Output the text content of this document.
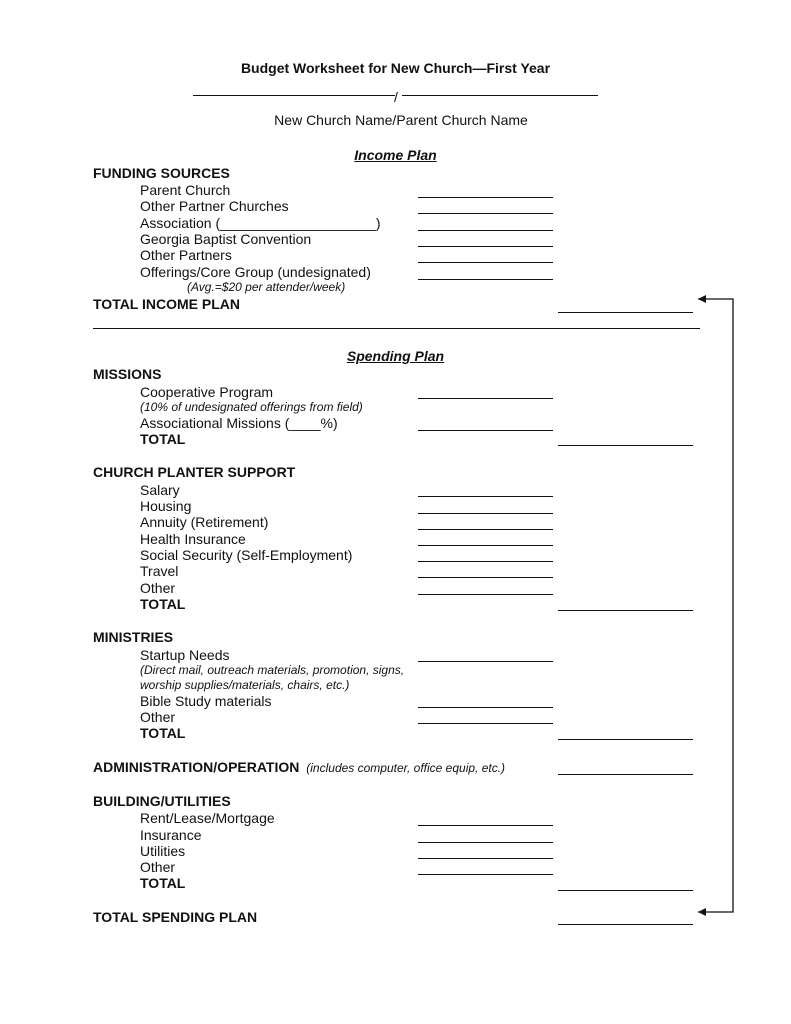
Budget Worksheet for New Church—First Year
/
New Church Name/Parent Church Name
Income Plan
FUNDING SOURCES
Parent Church
Other Partner Churches
Association (____________________)
Georgia Baptist Convention
Other Partners
Offerings/Core Group (undesignated)
(Avg.=$20 per attender/week)
TOTAL INCOME PLAN
Spending Plan
MISSIONS
Cooperative Program
(10% of undesignated offerings from field)
Associational Missions (____%)
TOTAL
CHURCH PLANTER SUPPORT
Salary
Housing
Annuity (Retirement)
Health Insurance
Social Security (Self-Employment)
Travel
Other
TOTAL
MINISTRIES
Startup Needs
(Direct mail, outreach materials, promotion, signs,
worship supplies/materials, chairs, etc.)
Bible Study materials
Other
TOTAL
ADMINISTRATION/OPERATION (includes computer, office equip, etc.)
BUILDING/UTILITIES
Rent/Lease/Mortgage
Insurance
Utilities
Other
TOTAL
TOTAL SPENDING PLAN
